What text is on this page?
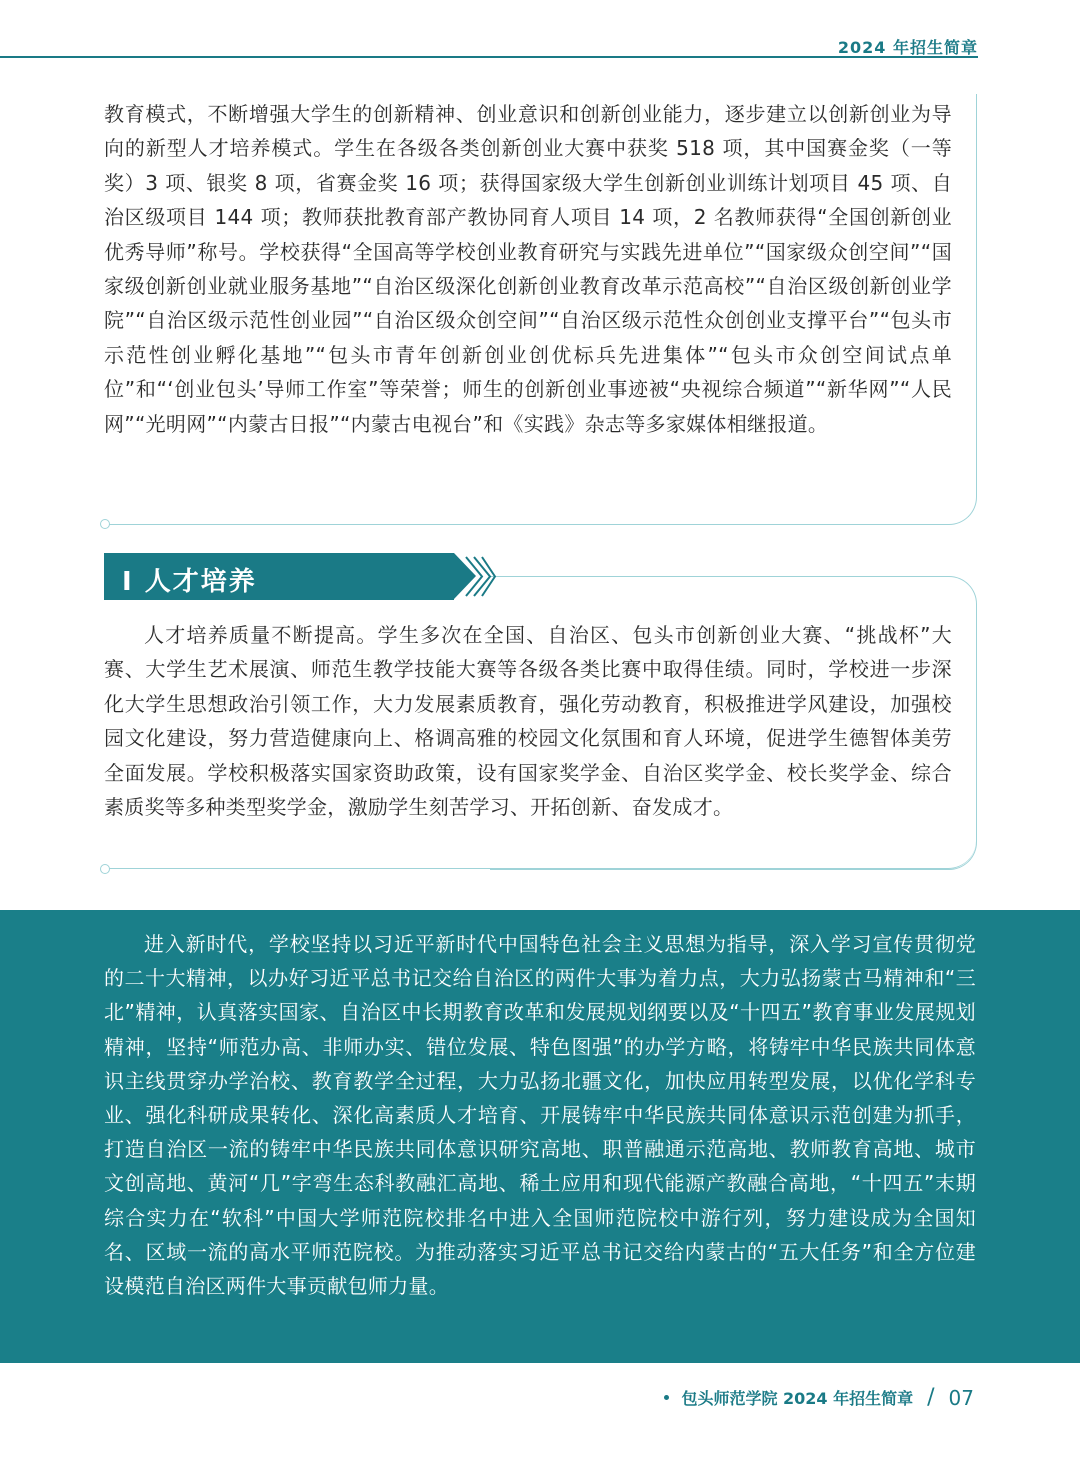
2024 年招生简章

教育模式，不断增强大学生的创新精神、创业意识和创新创业能力，逐步建立以创新创业为导向的新型人才培养模式。学生在各级各类创新创业大赛中获奖 518 项，其中国赛金奖（一等奖）3 项、银奖 8 项，省赛金奖 16 项；获得国家级大学生创新创业训练计划项目 45 项、自治区级项目 144 项；教师获批教育部产教协同育人项目 14 项，2 名教师获得“全国创新创业优秀导师”称号。学校获得“全国高等学校创业教育研究与实践先进单位”“国家级众创空间”“国家级创新创业就业服务基地”“自治区级深化创新创业教育改革示范高校”“自治区级创新创业学院”“自治区级示范性创业园”“自治区级众创空间”“自治区级示范性众创创业支撑平台”“包头市示范性创业孵化基地”“包头市青年创新创业创优标兵先进集体”“包头市众创空间试点单位”和“‘创业包头’导师工作室”等荣誉；师生的创新创业事迹被“央视综合频道”“新华网”“人民网”“光明网”“内蒙古日报”“内蒙古电视台”和《实践》杂志等多家媒体相继报道。

I 人才培养

人才培养质量不断提高。学生多次在全国、自治区、包头市创新创业大赛、“挑战杯”大赛、大学生艺术展演、师范生教学技能大赛等各级各类比赛中取得佳绩。同时，学校进一步深化大学生思想政治引领工作，大力发展素质教育，强化劳动教育，积极推进学风建设，加强校园文化建设，努力营造健康向上、格调高雅的校园文化氛围和育人环境，促进学生德智体美劳全面发展。学校积极落实国家资助政策，设有国家奖学金、自治区奖学金、校长奖学金、综合素质奖等多种类型奖学金，激励学生刻苦学习、开拓创新、奋发成才。

进入新时代，学校坚持以习近平新时代中国特色社会主义思想为指导，深入学习宣传贯彻党的二十大精神，以办好习近平总书记交给自治区的两件大事为着力点，大力弘扬蒙古马精神和“三北”精神，认真落实国家、自治区中长期教育改革和发展规划纲要以及“十四五”教育事业发展规划精神，坚持“师范办高、非师办实、错位发展、特色图强”的办学方略，将铸牢中华民族共同体意识主线贯穿办学治校、教育教学全过程，大力弘扬北疆文化，加快应用转型发展，以优化学科专业、强化科研成果转化、深化高素质人才培育、开展铸牢中华民族共同体意识示范创建为抓手，打造自治区一流的铸牢中华民族共同体意识研究高地、职普融通示范高地、教师教育高地、城市文创高地、黄河“几”字弯生态科教融汇高地、稀土应用和现代能源产教融合高地，“十四五”末期综合实力在“软科”中国大学师范院校排名中进入全国师范院校中游行列，努力建设成为全国知名、区域一流的高水平师范院校。为推动落实习近平总书记交给内蒙古的“五大任务”和全方位建设模范自治区两件大事贡献包师力量。

包头师范学院 2024 年招生简章 / 07
